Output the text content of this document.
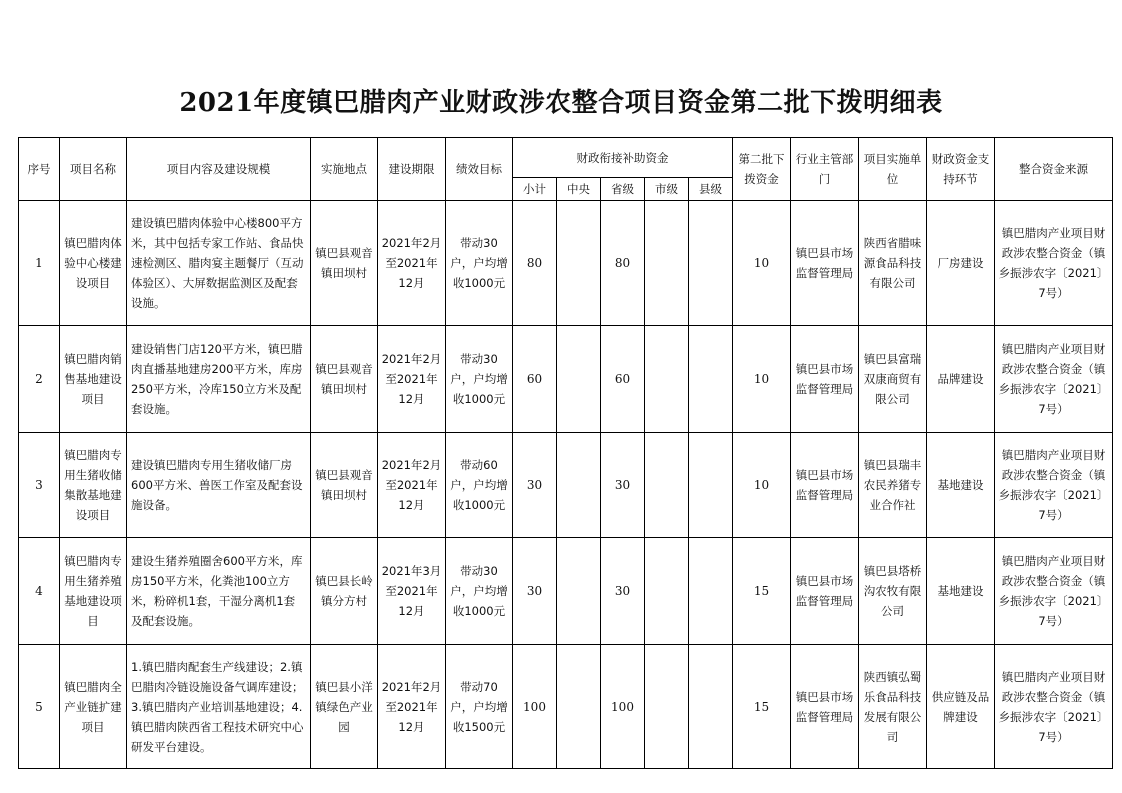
2021年度镇巴腊肉产业财政涉农整合项目资金第二批下拨明细表
序号	项目名称	项目内容及建设规模	实施地点	建设期限	绩效目标	财政衔接补助资金					第二批下拨资金	行业主管部门	项目实施单位	财政资金支持环节	整合资金来源
						小计	中央	省级	市级	县级					
1	镇巴腊肉体验中心楼建设项目	建设镇巴腊肉体验中心楼800平方米，其中包括专家工作站、食品快速检测区、腊肉宴主题餐厅（互动体验区）、大屏数据监测区及配套设施。	镇巴县观音镇田坝村	2021年2月至2021年12月	带动30户，户均增收1000元	80		80			10	镇巴县市场监督管理局	陕西省腊味源食品科技有限公司	厂房建设	镇巴腊肉产业项目财政涉农整合资金（镇乡振涉农字〔2021〕7号）
2	镇巴腊肉销售基地建设项目	建设销售门店120平方米，镇巴腊肉直播基地建房200平方米，库房250平方米，冷库150立方米及配套设施。	镇巴县观音镇田坝村	2021年2月至2021年12月	带动30户，户均增收1000元	60		60			10	镇巴县市场监督管理局	镇巴县富瑞双康商贸有限公司	品牌建设	镇巴腊肉产业项目财政涉农整合资金（镇乡振涉农字〔2021〕7号）
3	镇巴腊肉专用生猪收储集散基地建设项目	建设镇巴腊肉专用生猪收储厂房600平方米、兽医工作室及配套设施设备。	镇巴县观音镇田坝村	2021年2月至2021年12月	带动60户，户均增收1000元	30		30			10	镇巴县市场监督管理局	镇巴县瑞丰农民养猪专业合作社	基地建设	镇巴腊肉产业项目财政涉农整合资金（镇乡振涉农字〔2021〕7号）
4	镇巴腊肉专用生猪养殖基地建设项目	建设生猪养殖圈舍600平方米，库房150平方米，化粪池100立方米，粉碎机1套，干湿分离机1套及配套设施。	镇巴县长岭镇分方村	2021年3月至2021年12月	带动30户，户均增收1000元	30		30			15	镇巴县市场监督管理局	镇巴县塔桥沟农牧有限公司	基地建设	镇巴腊肉产业项目财政涉农整合资金（镇乡振涉农字〔2021〕7号）
5	镇巴腊肉全产业链扩建项目	1.镇巴腊肉配套生产线建设；2.镇巴腊肉冷链设施设备气调库建设；3.镇巴腊肉产业培训基地建设；4.镇巴腊肉陕西省工程技术研究中心研发平台建设。	镇巴县小洋镇绿色产业园	2021年2月至2021年12月	带动70户，户均增收1500元	100		100			15	镇巴县市场监督管理局	陕西镇弘蜀乐食品科技发展有限公司	供应链及品牌建设	镇巴腊肉产业项目财政涉农整合资金（镇乡振涉农字〔2021〕7号）
